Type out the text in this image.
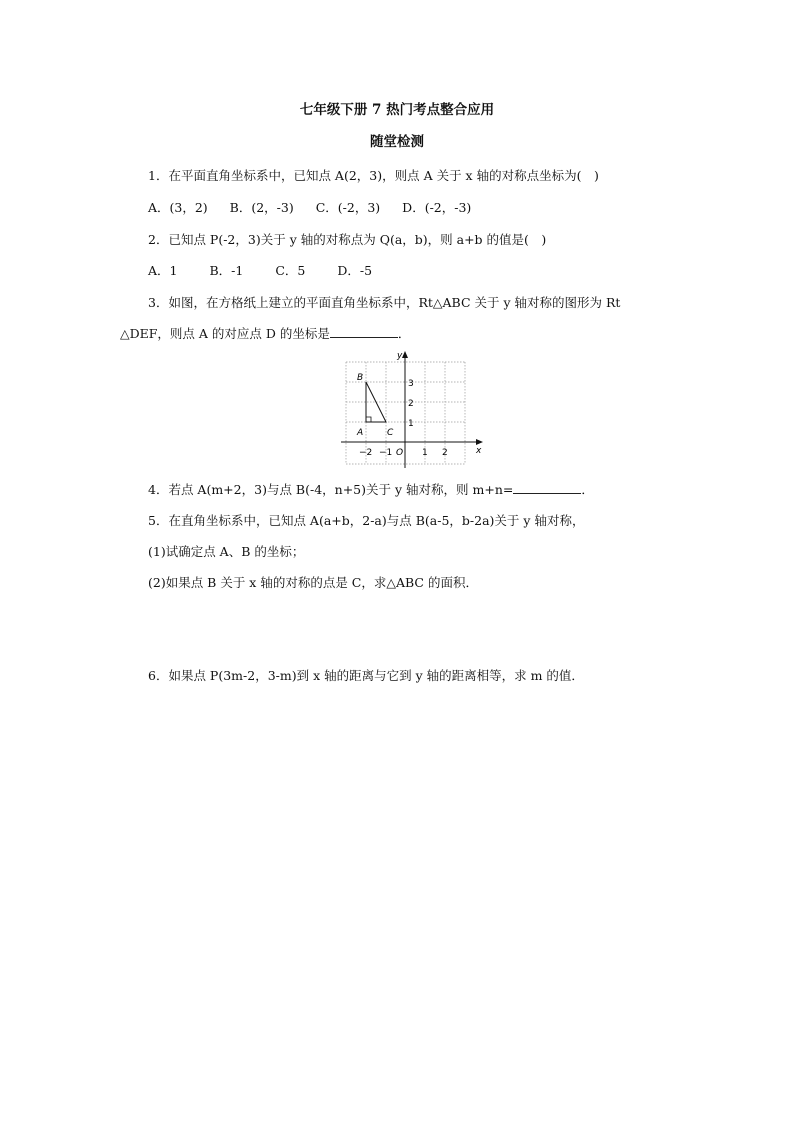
七年级下册 7 热门考点整合应用
随堂检测
1．在平面直角坐标系中，已知点 A(2，3)，则点 A 关于 x 轴的对称点坐标为(　)
A．(3，2) B．(2，-3) C．(-2，3) D．(-2，-3)
2．已知点 P(-2，3)关于 y 轴的对称点为 Q(a，b)，则 a+b 的值是(　)
A．1	B．-1	C．5	D．-5
3．如图，在方格纸上建立的平面直角坐标系中，Rt△ABC 关于 y 轴对称的图形为 Rt
△DEF，则点 A 的对应点 D 的坐标是	．
x
y
O
−2 −1	1 2
3
2
1
B
A	C
4．若点 A(m+2，3)与点 B(-4，n+5)关于 y 轴对称，则 m+n=	．
5．在直角坐标系中，已知点 A(a+b，2-a)与点 B(a-5，b-2a)关于 y 轴对称，
(1)试确定点 A、B 的坐标；
(2)如果点 B 关于 x 轴的对称的点是 C，求△ABC 的面积．
6．如果点 P(3m-2，3-m)到 x 轴的距离与它到 y 轴的距离相等，求 m 的值．
